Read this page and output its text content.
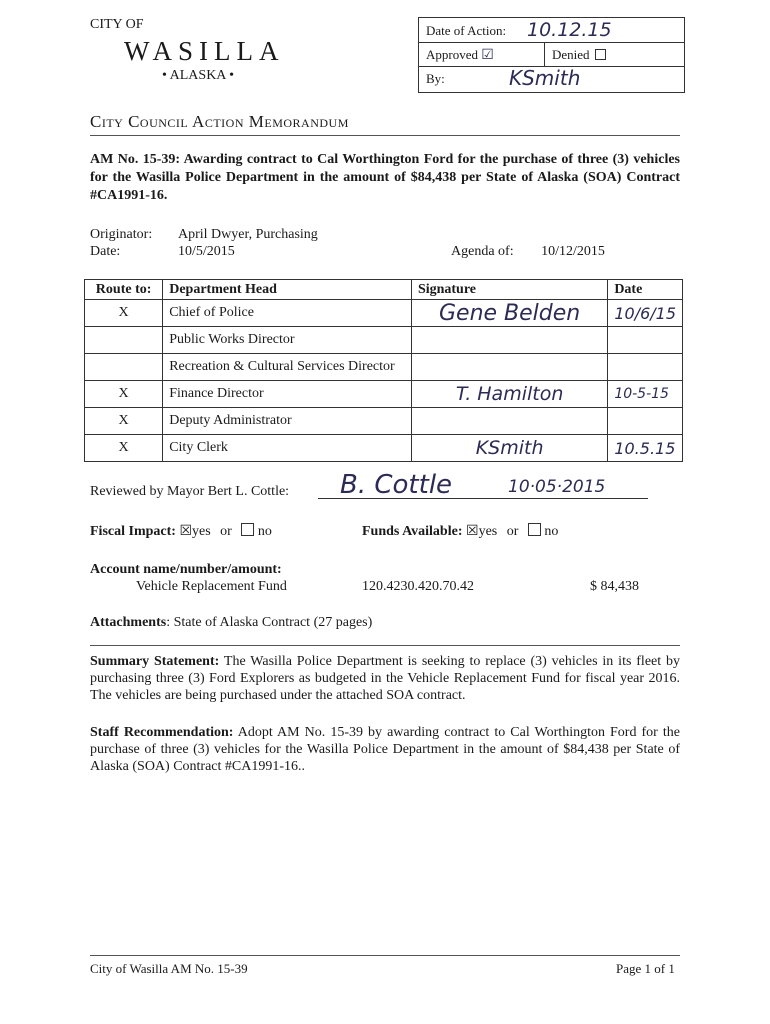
CITY OF
WASILLA
• ALASKA •
Date of Action: 10.12.15
Approved ☑	Denied
By:	KSmith
City Council Action Memorandum
AM No. 15-39: Awarding contract to Cal Worthington Ford for the purchase of three (3) vehicles for the Wasilla Police Department in the amount of $84,438 per State of Alaska (SOA) Contract #CA1991-16.
Originator: April Dwyer, Purchasing
Date:	10/5/2015	Agenda of: 10/12/2015
Route to:	Department Head	Signature	Date
X	Chief of Police	Gene Belden	10/6/15
	Public Works Director		
	Recreation & Cultural Services Director		
X	Finance Director	T. Hamilton	10-5-15
X	Deputy Administrator		
X	City Clerk	KSmith	10.5.15
Reviewed by Mayor Bert L. Cottle: B. Cottle	10·05·2015
Fiscal Impact: ☒yes or no	Funds Available: ☒yes or no
Account name/number/amount:
Vehicle Replacement Fund	120.4230.420.70.42	$ 84,438
Attachments: State of Alaska Contract (27 pages)
Summary Statement: The Wasilla Police Department is seeking to replace (3) vehicles in its fleet by purchasing three (3) Ford Explorers as budgeted in the Vehicle Replacement Fund for fiscal year 2016. The vehicles are being purchased under the attached SOA contract.
Staff Recommendation: Adopt AM No. 15-39 by awarding contract to Cal Worthington Ford for the purchase of three (3) vehicles for the Wasilla Police Department in the amount of $84,438 per State of Alaska (SOA) Contract #CA1991-16..
City of Wasilla AM No. 15-39	Page 1 of 1
